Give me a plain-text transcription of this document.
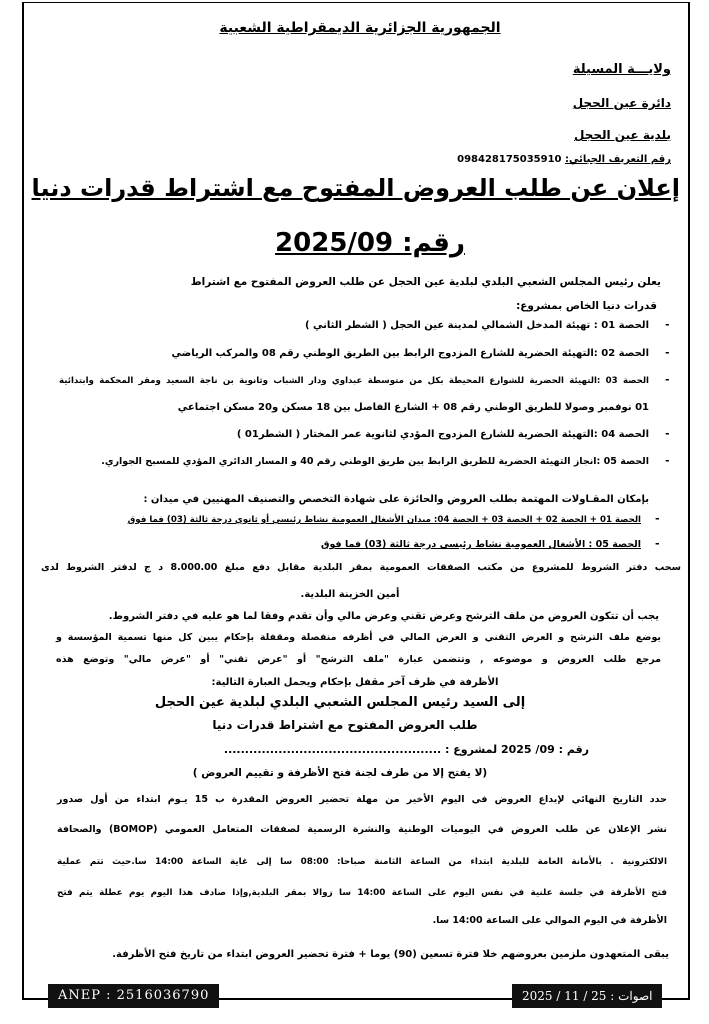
الجمهورية الجزائرية الديمقراطية الشعبية
ولايـــة المسيلة
دائرة عين الحجل
بلدية عين الحجل
رقم التعريف الجبائي: 098428175035910
إعلان عن طلب العروض المفتوح مع اشتراط قدرات دنيا
رقم: 2025/09
يعلن رئيس المجلس الشعبي البلدي لبلدية عين الحجل عن طلب العروض المفتوح مع اشتراط
قدرات دنيا الخاص بمشروع:
-
الحصة 01 : تهيئة المدخل الشمالي لمدينة عين الحجل ( الشطر الثاني )
-
الحصة 02 :التهيئة الحضرية للشارع المزدوج الرابط بين الطريق الوطني رقم 08 والمركب الرياضي
-
الحصة 03 :التهيئة الحضرية للشوارع المحيطة بكل من متوسطة عبداوي ودار الشباب وثانوية بن ناجة السعيد ومقر المحكمة وابتدائية
01 نوفمبر وصولا للطريق الوطني رقم 08 + الشارع الفاصل بين 18 مسكن و20 مسكن اجتماعي
-
الحصة 04 :التهيئة الحضرية للشارع المزدوج المؤدي لثانوية عمر المختار ( الشطر01 )
-
الحصة 05 :انجاز التهيئة الحضرية للطريق الرابط بين طريق الوطني رقم 40 و المسار الدائري المؤدي للمسبح الجواري.
بإمكان المقـاولات المهتمة بطلب العروض والحائزة على شهادة التخصص والتصنيف المهنيين في ميدان :
-
الحصة 01 + الحصة 02 + الحصة 03 + الحصة 04: ميدان الأشغال العمومية نشاط رئيسي أو ثانوي درجة ثالثة (03) فما فوق
-
الحصة 05 : الأشغال العمومية نشاط رئيسي درجة ثالثة (03) فما فوق
سحب دفتر الشروط للمشروع من مكتب الصفقات العمومية بمقر البلدية مقابل دفع مبلغ 8.000.00 د ج لدفتر الشروط لدى
أمين الخزينة البلدية.
يجب أن تتكون العروض من ملف الترشح وعرض تقني وعرض مالي وأن تقدم وفقا لما هو عليه في دفتر الشروط.
يوضع ملف الترشح و العرض التقني و العرض المالي في أظرفه منفصلة ومقفلة بإحكام يبين كل منها تسمية المؤسسة و
مرجع طلب العروض و موضوعه , وتتضمن عبارة "ملف الترشح" أو "عرض تقني" أو "عرض مالي" وتوضع هذه
الأظرفة في ظرف آخر مقفل بإحكام ويحمل العبارة التالية:
إلى السيد رئيس المجلس الشعبي البلدي لبلدية عين الحجل
طلب العروض المفتوح مع اشتراط قدرات دنيا
رقم : 09/ 2025 لمشروع : ....................................................
(لا يفتح إلا من طرف لجنة فتح الأظرفة و تقييم العروض )
حدد التاريخ النهائي لإيداع العروض في اليوم الأخير من مهلة تحضير العروض المقدرة ب 15 يـوم ابتداء من أول صدور
نشر الإعلان عن طلب العروض في اليوميات الوطنية والنشرة الرسمية لصفقات المتعامل العمومي (BOMOP) والصحافة
الالكترونية . بالأمانة العامة للبلدية ابتداء من الساعة الثامنة صباحا: 08:00 سا إلى غاية الساعة 14:00 سا.حيث تتم عملية
فتح الأظرفة في جلسة علنية في نفس اليوم على الساعة 14:00 سا زوالا بمقر البلدية,وإذا صادف هذا اليوم يوم عطلة يتم فتح
الأظرفة في اليوم الموالي على الساعة 14:00 سا.
يبقى المتعهدون ملزمين بعروضهم خلا فترة تسعين (90) يوما + فترة تحضير العروض ابتداء من تاريخ فتح الأظرفة.
ANEP : 2516036790	اصوات : 25 / 11 / 2025
